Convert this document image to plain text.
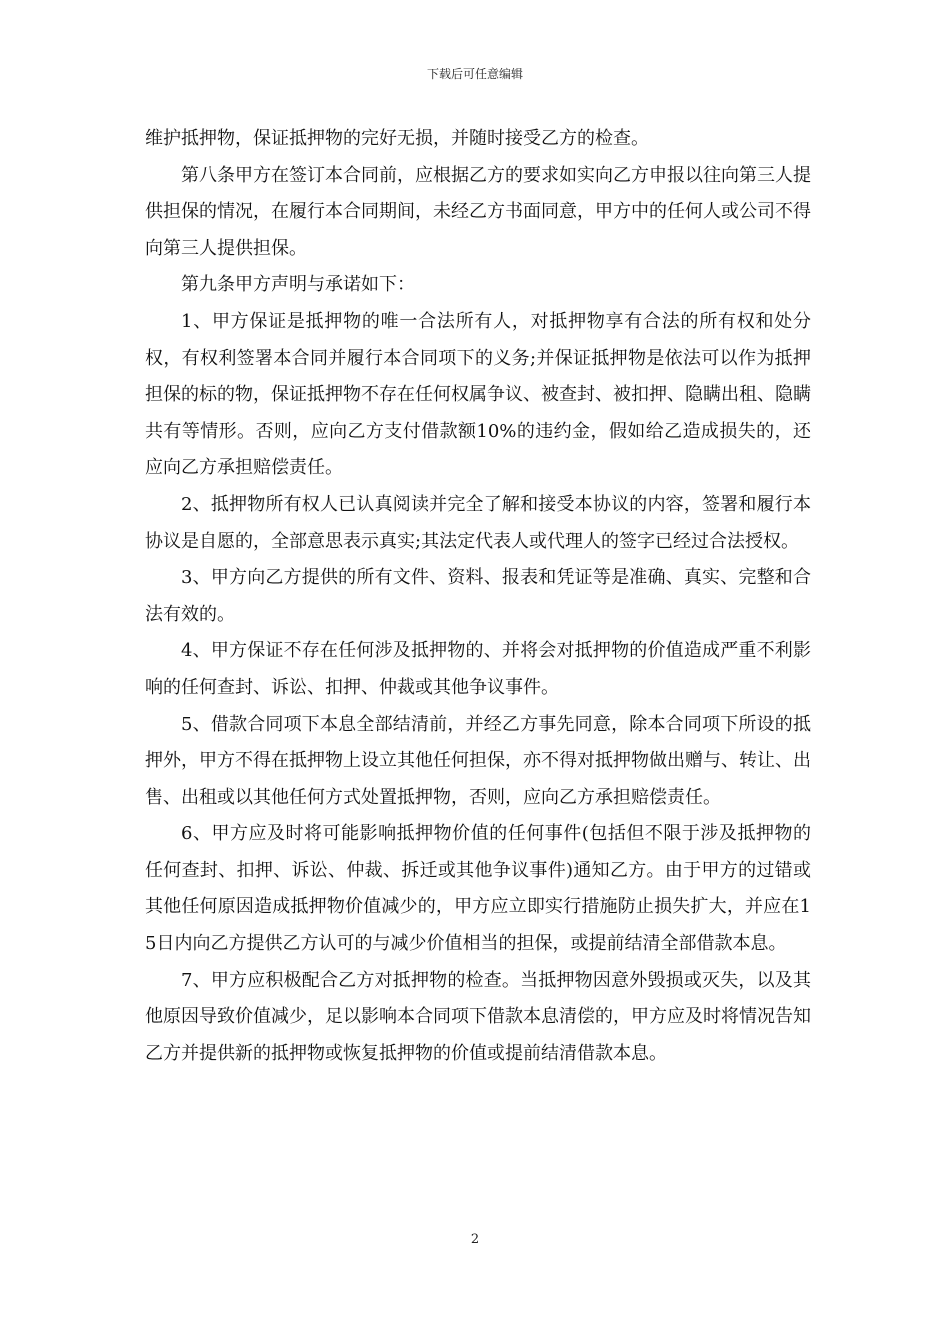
下载后可任意编辑

维护抵押物，保证抵押物的完好无损，并随时接受乙方的检查。

第八条甲方在签订本合同前，应根据乙方的要求如实向乙方申报以往向第三人提供担保的情况，在履行本合同期间，未经乙方书面同意，甲方中的任何人或公司不得向第三人提供担保。

第九条甲方声明与承诺如下：

1、甲方保证是抵押物的唯一合法所有人，对抵押物享有合法的所有权和处分权，有权利签署本合同并履行本合同项下的义务;并保证抵押物是依法可以作为抵押担保的标的物，保证抵押物不存在任何权属争议、被查封、被扣押、隐瞒出租、隐瞒共有等情形。否则，应向乙方支付借款额10%的违约金，假如给乙造成损失的，还应向乙方承担赔偿责任。

2、抵押物所有权人已认真阅读并完全了解和接受本协议的内容，签署和履行本协议是自愿的，全部意思表示真实;其法定代表人或代理人的签字已经过合法授权。

3、甲方向乙方提供的所有文件、资料、报表和凭证等是准确、真实、完整和合法有效的。

4、甲方保证不存在任何涉及抵押物的、并将会对抵押物的价值造成严重不利影响的任何查封、诉讼、扣押、仲裁或其他争议事件。

5、借款合同项下本息全部结清前，并经乙方事先同意，除本合同项下所设的抵押外，甲方不得在抵押物上设立其他任何担保，亦不得对抵押物做出赠与、转让、出售、出租或以其他任何方式处置抵押物，否则，应向乙方承担赔偿责任。

6、甲方应及时将可能影响抵押物价值的任何事件(包括但不限于涉及抵押物的任何查封、扣押、诉讼、仲裁、拆迁或其他争议事件)通知乙方。由于甲方的过错或其他任何原因造成抵押物价值减少的，甲方应立即实行措施防止损失扩大，并应在15日内向乙方提供乙方认可的与减少价值相当的担保，或提前结清全部借款本息。

7、甲方应积极配合乙方对抵押物的检查。当抵押物因意外毁损或灭失，以及其他原因导致价值减少，足以影响本合同项下借款本息清偿的，甲方应及时将情况告知乙方并提供新的抵押物或恢复抵押物的价值或提前结清借款本息。

2
